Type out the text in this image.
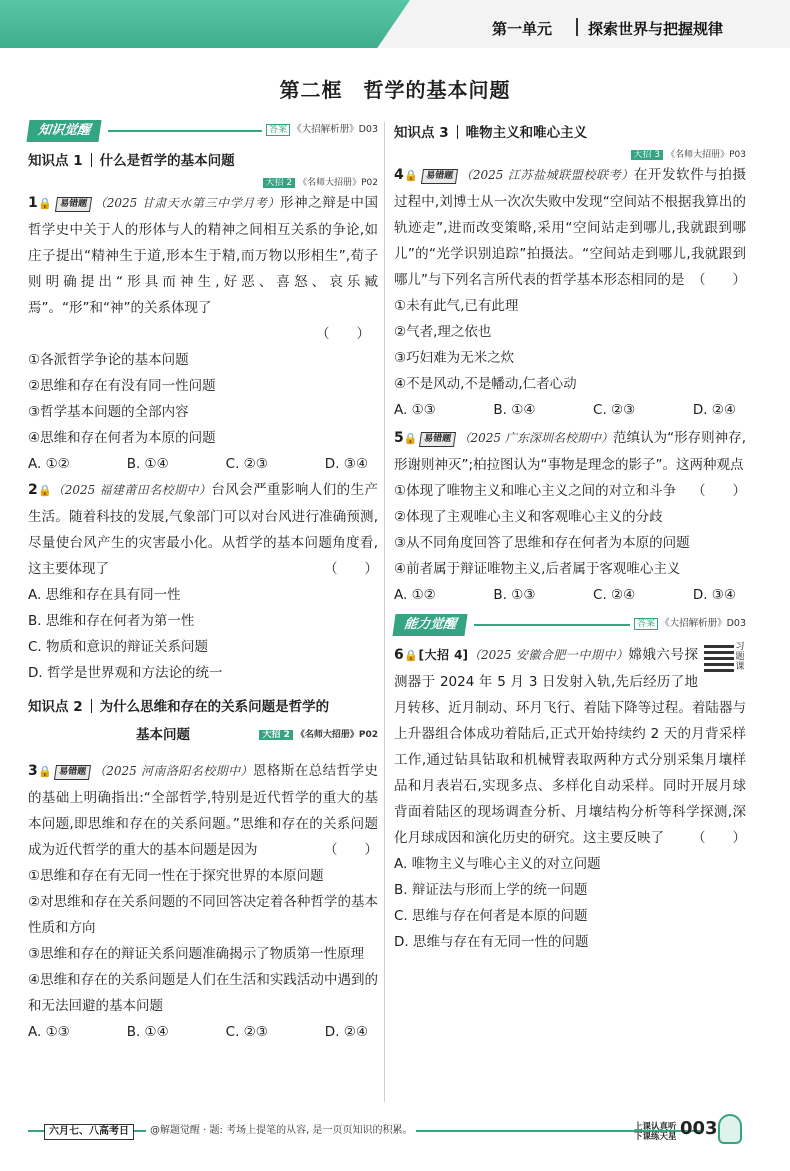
第一单元 探索世界与把握规律
第二框　哲学的基本问题
知识觉醒	答案 《大招解析册》D03
知识点 1 什么是哲学的基本问题
大招 2 《名师大招册》P02
1🔒 易错题 （2025 甘肃天水第三中学月考）形神之辩是中国哲学史中关于人的形体与人的精神之间相互关系的争论,如庄子提出“精神生于道,形本生于精,而万物以形相生”,荀子则明确提出“形具而神生,好恶、喜怒、哀乐臧焉”。“形”和“神”的关系体现了
（　　）
①各派哲学争论的基本问题
②思维和存在有没有同一性问题
③哲学基本问题的全部内容
④思维和存在何者为本原的问题
A. ①②	B. ①④	C. ②③	D. ③④
2🔒（2025 福建莆田名校期中）台风会严重影响人们的生产生活。随着科技的发展,气象部门可以对台风进行准确预测,尽量使台风产生的灾害最小化。从哲学的基本问题角度看,这主要体现了	（　　）
A. 思维和存在具有同一性
B. 思维和存在何者为第一性
C. 物质和意识的辩证关系问题
D. 哲学是世界观和方法论的统一
知识点 2 为什么思维和存在的关系问题是哲学的
基本问题	大招 2 《名师大招册》P02
3🔒 易错题 （2025 河南洛阳名校期中）恩格斯在总结哲学史的基础上明确指出:“全部哲学,特别是近代哲学的重大的基本问题,即思维和存在的关系问题。”思维和存在的关系问题成为近代哲学的重大的基本问题是因为	（　　）
①思维和存在有无同一性在于探究世界的本原问题
②对思维和存在关系问题的不同回答决定着各种哲学的基本性质和方向
③思维和存在的辩证关系问题准确揭示了物质第一性原理
④思维和存在的关系问题是人们在生活和实践活动中遇到的和无法回避的基本问题
A. ①③	B. ①④	C. ②③	D. ②④
知识点 3 唯物主义和唯心主义
大招 3 《名师大招册》P03
4🔒 易错题 （2025 江苏盐城联盟校联考）在开发软件与拍摄过程中,刘博士从一次次失败中发现“空间站不根据我算出的轨迹走”,进而改变策略,采用“空间站走到哪儿,我就跟到哪儿”的“光学识别追踪”拍摄法。“空间站走到哪儿,我就跟到哪儿”与下列名言所代表的哲学基本形态相同的是 （　　）
①未有此气,已有此理
②气者,理之依也
③巧妇难为无米之炊
④不是风动,不是幡动,仁者心动
A. ①③	B. ①④	C. ②③	D. ②④
5🔒 易错题 （2025 广东深圳名校期中）范缜认为“形存则神存,形谢则神灭”;柏拉图认为“事物是理念的影子”。这两种观点
（　　）
①体现了唯物主义和唯心主义之间的对立和斗争
②体现了主观唯心主义和客观唯心主义的分歧
③从不同角度回答了思维和存在何者为本原的问题
④前者属于辩证唯物主义,后者属于客观唯心主义
A. ①②	B. ①③	C. ②④	D. ③④
能力觉醒	答案 《大招解析册》D03
习题课
6🔒[大招 4]（2025 安徽合肥一中期中）嫦娥六号探测器于 2024 年 5 月 3 日发射入轨,先后经历了地月转移、近月制动、环月飞行、着陆下降等过程。着陆器与上升器组合体成功着陆后,正式开始持续约 2 天的月背采样工作,通过钻具钻取和机械臂表取两种方式分别采集月壤样品和月表岩石,实现多点、多样化自动采样。同时开展月球背面着陆区的现场调查分析、月壤结构分析等科学探测,深化月球成因和演化历史的研究。这主要反映了 （　　）
A. 唯物主义与唯心主义的对立问题
B. 辩证法与形而上学的统一问题
C. 思维与存在何者是本原的问题
D. 思维与存在有无同一性的问题
六月七、八高考日	@解题觉醒 · 题: 考场上提笔的从容, 是一页页知识的积累。	上课认真听
下课练天星 003
